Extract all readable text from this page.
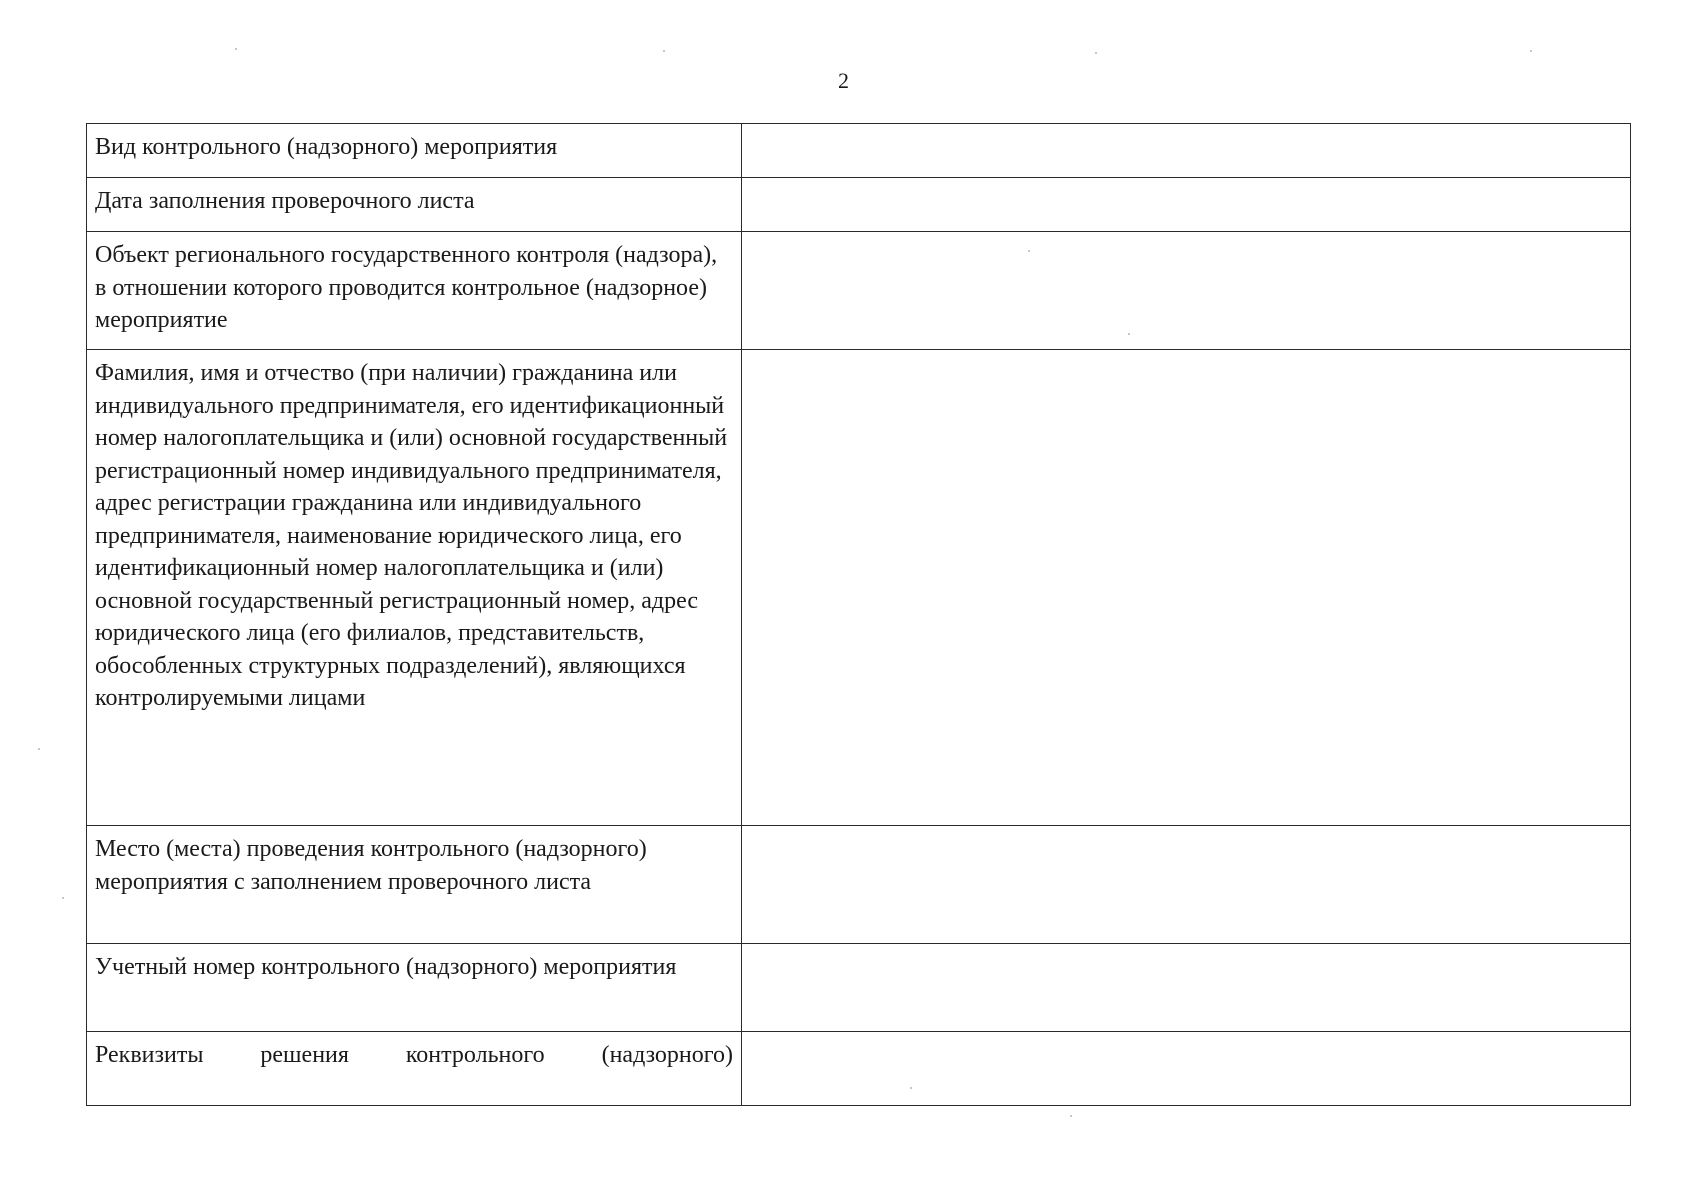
2
Вид контрольного (надзорного) мероприятия	
Дата заполнения проверочного листа	
Объект регионального государственного контроля (надзора), в отношении которого проводится контрольное (надзорное) мероприятие	
Фамилия, имя и отчество (при наличии) гражданина или индивидуального предпринимателя, его идентификационный номер налогоплательщика и (или) основной государственный регистрационный номер индивидуального предпринимателя, адрес регистрации гражданина или индивидуального предпринимателя, наименование юридического лица, его идентификационный номер налогоплательщика и (или) основной государственный регистрационный номер, адрес юридического лица (его филиалов, представительств, обособленных структурных подразделений), являющихся контролируемыми лицами	
Место (места) проведения контрольного (надзорного) мероприятия с заполнением проверочного листа	
Учетный номер контрольного (надзорного) мероприятия	
Реквизиты решения контрольного (надзорного)	
